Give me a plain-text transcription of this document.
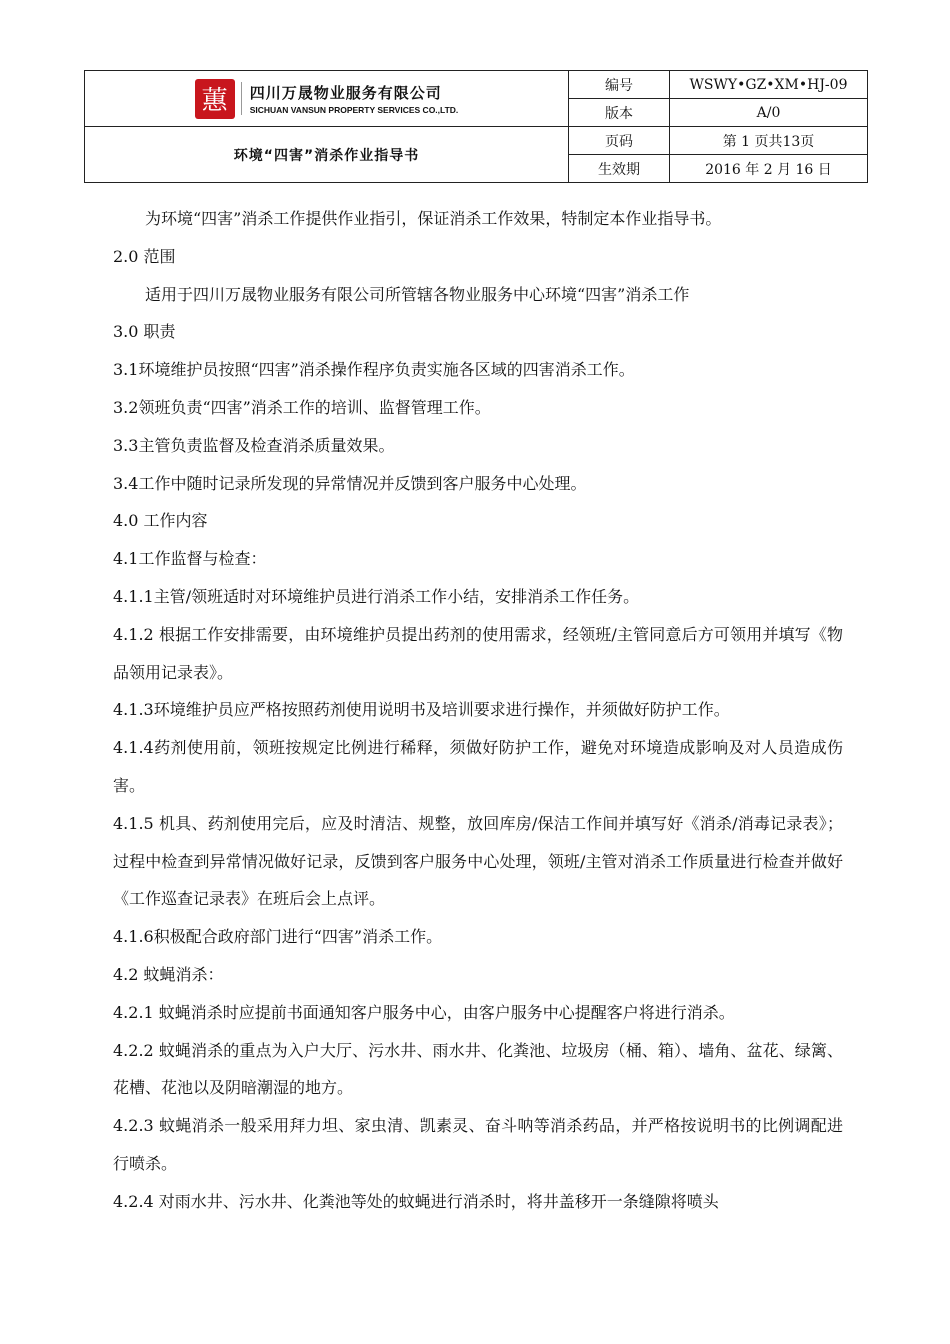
蕙 四川万晟物业服务有限公司
SICHUAN VANSUN PROPERTY SERVICES CO.,LTD.	编号	WSWY•GZ•XM•HJ-09
	版本	A/0
环境“四害”消杀作业指导书	页码	第 1 页共13页
	生效期	2016 年 2 月 16 日

为环境“四害”消杀工作提供作业指引，保证消杀工作效果，特制定本作业指导书。

2.0 范围

适用于四川万晟物业服务有限公司所管辖各物业服务中心环境“四害”消杀工作

3.0 职责

3.1环境维护员按照“四害”消杀操作程序负责实施各区域的四害消杀工作。

3.2领班负责“四害”消杀工作的培训、监督管理工作。

3.3主管负责监督及检查消杀质量效果。

3.4工作中随时记录所发现的异常情况并反馈到客户服务中心处理。

4.0 工作内容

4.1工作监督与检查：

4.1.1主管/领班适时对环境维护员进行消杀工作小结，安排消杀工作任务。

4.1.2 根据工作安排需要，由环境维护员提出药剂的使用需求，经领班/主管同意后方可领用并填写《物品领用记录表》。

4.1.3环境维护员应严格按照药剂使用说明书及培训要求进行操作，并须做好防护工作。

4.1.4药剂使用前，领班按规定比例进行稀释，须做好防护工作，避免对环境造成影响及对人员造成伤害。

4.1.5 机具、药剂使用完后，应及时清洁、规整，放回库房/保洁工作间并填写好《消杀/消毒记录表》；过程中检查到异常情况做好记录，反馈到客户服务中心处理，领班/主管对消杀工作质量进行检查并做好《工作巡查记录表》在班后会上点评。

4.1.6积极配合政府部门进行“四害”消杀工作。

4.2 蚊蝇消杀：

4.2.1 蚊蝇消杀时应提前书面通知客户服务中心，由客户服务中心提醒客户将进行消杀。

4.2.2 蚊蝇消杀的重点为入户大厅、污水井、雨水井、化粪池、垃圾房（桶、箱）、墙角、盆花、绿篱、花槽、花池以及阴暗潮湿的地方。

4.2.3 蚊蝇消杀一般采用拜力坦、家虫清、凯素灵、奋斗呐等消杀药品，并严格按说明书的比例调配进行喷杀。

4.2.4 对雨水井、污水井、化粪池等处的蚊蝇进行消杀时，将井盖移开一条缝隙将喷头
